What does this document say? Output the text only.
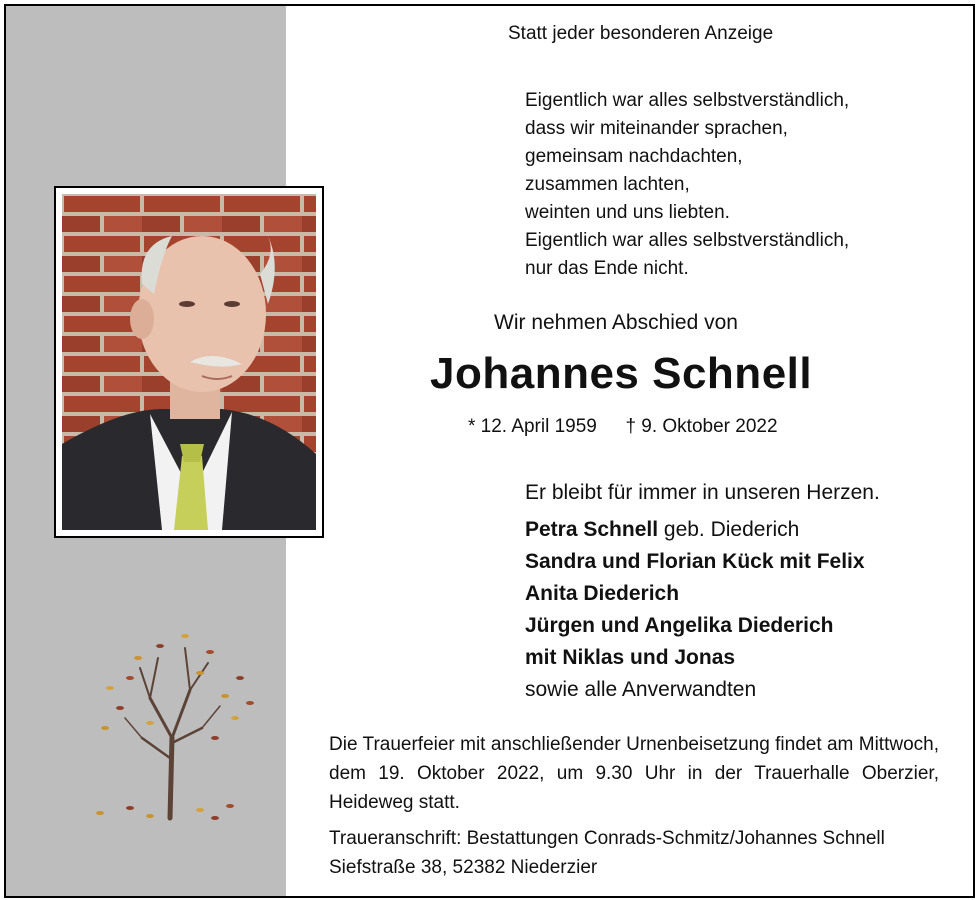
Statt jeder besonderen Anzeige
Eigentlich war alles selbstverständlich,
dass wir miteinander sprachen,
gemeinsam nachdachten,
zusammen lachten,
weinten und uns liebten.
Eigentlich war alles selbstverständlich,
nur das Ende nicht.
Wir nehmen Abschied von
Johannes Schnell
* 12. April 1959 † 9. Oktober 2022
Er bleibt für immer in unseren Herzen.
Petra Schnell geb. Diederich
Sandra und Florian Kück mit Felix
Anita Diederich
Jürgen und Angelika Diederich
mit Niklas und Jonas
sowie alle Anverwandten
Die Trauerfeier mit anschließender Urnenbeisetzung findet am Mittwoch, dem 19. Oktober 2022, um 9.30 Uhr in der Trauerhalle Oberzier, Heideweg statt.
Traueranschrift: Bestattungen Conrads-Schmitz/Johannes Schnell
Siefstraße 38, 52382 Niederzier
